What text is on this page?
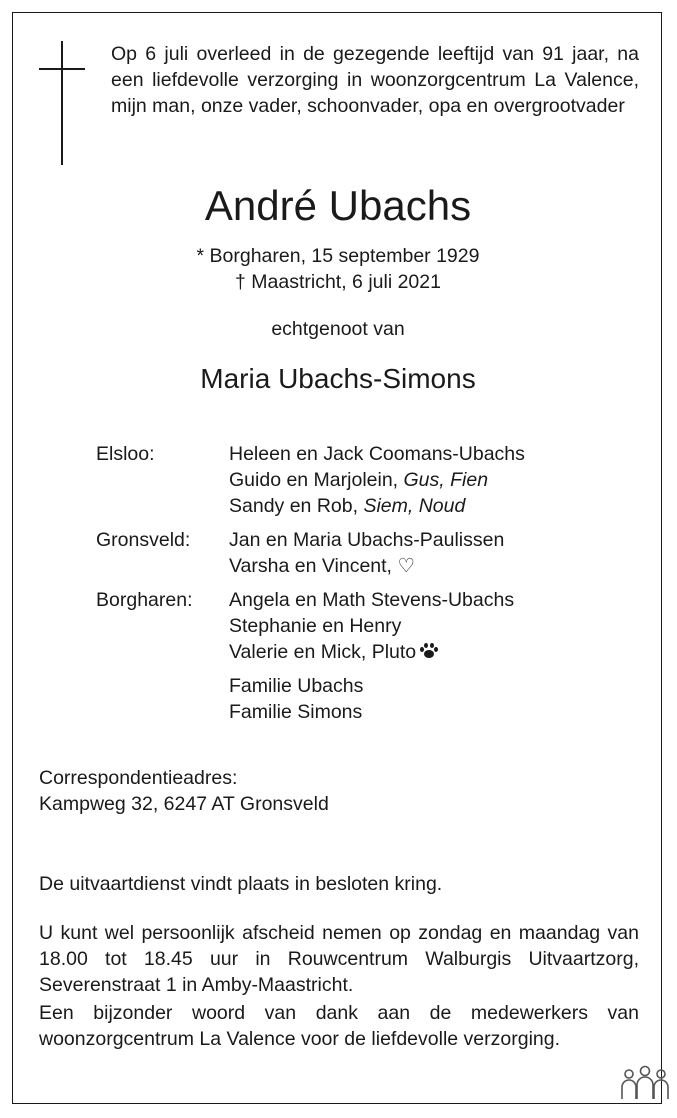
Op 6 juli overleed in de gezegende leeftijd van 91 jaar, na een liefdevolle verzorging in woonzorgcentrum La Valence, mijn man, onze vader, schoonvader, opa en overgrootvader
André Ubachs
* Borgharen, 15 september 1929
† Maastricht, 6 juli 2021
echtgenoot van
Maria Ubachs-Simons
Elsloo:	Heleen en Jack Coomans-Ubachs
Guido en Marjolein, Gus, Fien
Sandy en Rob, Siem, Noud
Gronsveld:	Jan en Maria Ubachs-Paulissen
Varsha en Vincent, ♡
Borgharen:	Angela en Math Stevens-Ubachs
Stephanie en Henry
Valerie en Mick, Pluto
Familie Ubachs
Familie Simons
Correspondentieadres:
Kampweg 32, 6247 AT Gronsveld
De uitvaartdienst vindt plaats in besloten kring.
U kunt wel persoonlijk afscheid nemen op zondag en maandag van 18.00 tot 18.45 uur in Rouwcentrum Walburgis Uitvaartzorg, Severenstraat 1 in Amby-Maastricht.
Een bijzonder woord van dank aan de medewerkers van woonzorgcentrum La Valence voor de liefdevolle verzorging.
